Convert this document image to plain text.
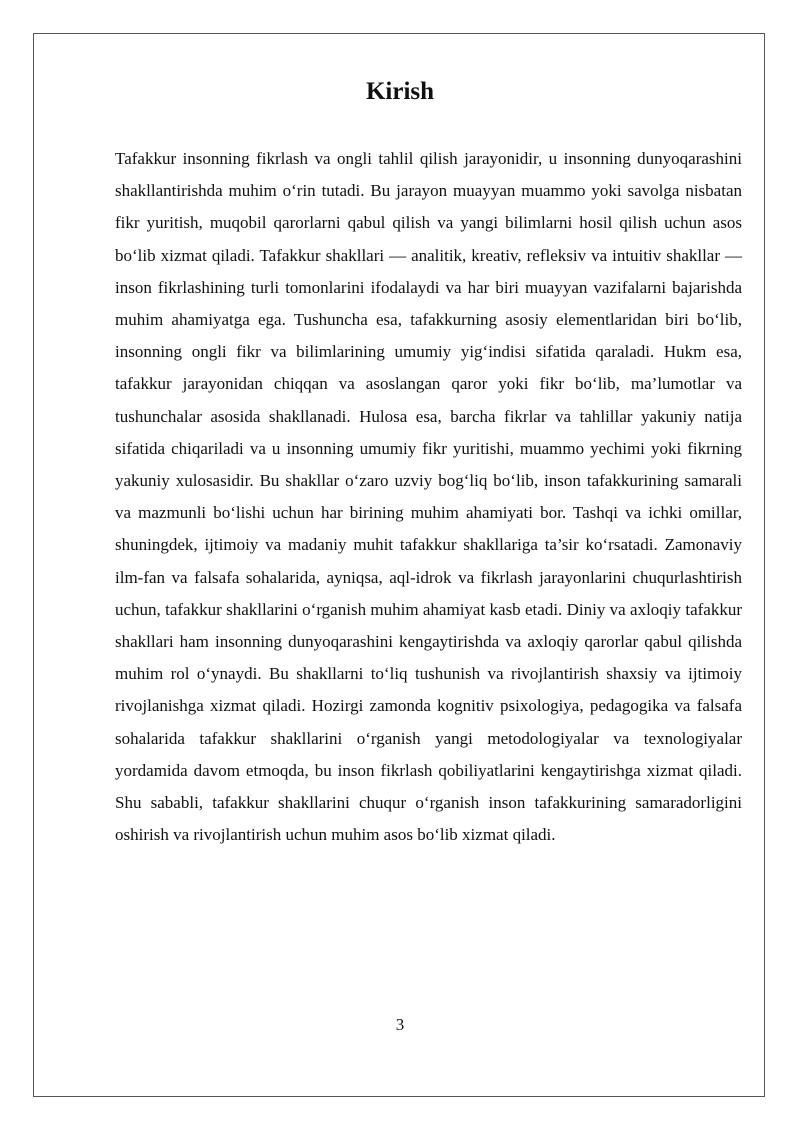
Kirish

Tafakkur insonning fikrlash va ongli tahlil qilish jarayonidir, u insonning dunyoqarashini shakllantirishda muhim o‘rin tutadi. Bu jarayon muayyan muammo yoki savolga nisbatan fikr yuritish, muqobil qarorlarni qabul qilish va yangi bilimlarni hosil qilish uchun asos bo‘lib xizmat qiladi. Tafakkur shakllari — analitik, kreativ, refleksiv va intuitiv shakllar — inson fikrlashining turli tomonlarini ifodalaydi va har biri muayyan vazifalarni bajarishda muhim ahamiyatga ega. Tushuncha esa, tafakkurning asosiy elementlaridan biri bo‘lib, insonning ongli fikr va bilimlarining umumiy yig‘indisi sifatida qaraladi. Hukm esa, tafakkur jarayonidan chiqqan va asoslangan qaror yoki fikr bo‘lib, ma’lumotlar va tushunchalar asosida shakllanadi. Hulosa esa, barcha fikrlar va tahlillar yakuniy natija sifatida chiqariladi va u insonning umumiy fikr yuritishi, muammo yechimi yoki fikrning yakuniy xulosasidir. Bu shakllar o‘zaro uzviy bog‘liq bo‘lib, inson tafakkurining samarali va mazmunli bo‘lishi uchun har birining muhim ahamiyati bor. Tashqi va ichki omillar, shuningdek, ijtimoiy va madaniy muhit tafakkur shakllariga ta’sir ko‘rsatadi. Zamonaviy ilm-fan va falsafa sohalarida, ayniqsa, aql-idrok va fikrlash jarayonlarini chuqurlashtirish uchun, tafakkur shakllarini o‘rganish muhim ahamiyat kasb etadi. Diniy va axloqiy tafakkur shakllari ham insonning dunyoqarashini kengaytirishda va axloqiy qarorlar qabul qilishda muhim rol o‘ynaydi. Bu shakllarni to‘liq tushunish va rivojlantirish shaxsiy va ijtimoiy rivojlanishga xizmat qiladi. Hozirgi zamonda kognitiv psixologiya, pedagogika va falsafa sohalarida tafakkur shakllarini o‘rganish yangi metodologiyalar va texnologiyalar yordamida davom etmoqda, bu inson fikrlash qobiliyatlarini kengaytirishga xizmat qiladi. Shu sababli, tafakkur shakllarini chuqur o‘rganish inson tafakkurining samaradorligini oshirish va rivojlantirish uchun muhim asos bo‘lib xizmat qiladi.

3
